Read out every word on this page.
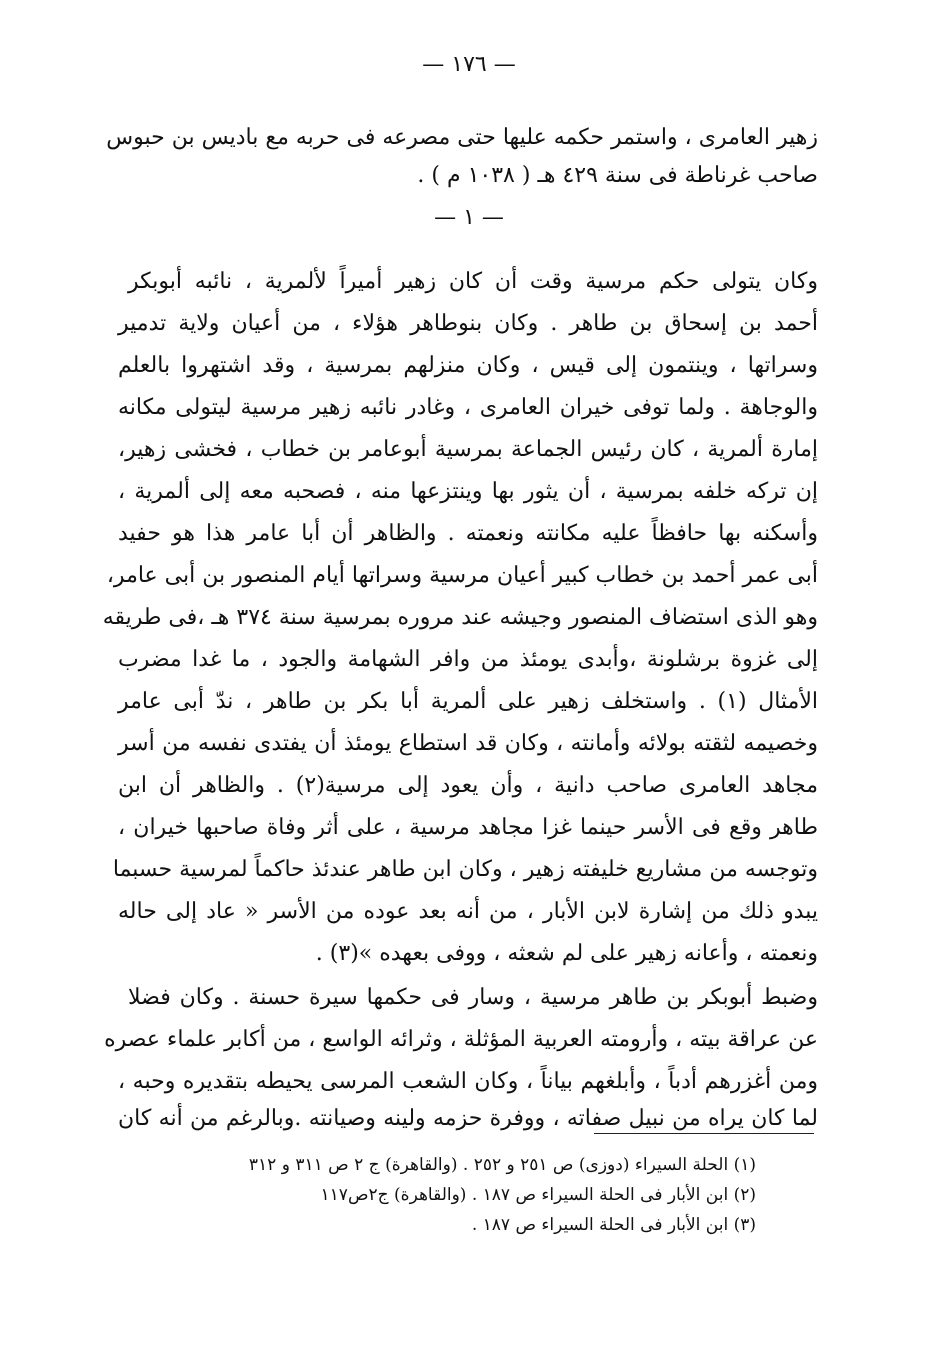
— ١٧٦ —
زهير العامرى ، واستمر حكمه عليها حتى مصرعه فى حربه مع باديس بن حبوس
صاحب غرناطة فى سنة ٤٢٩ هـ ( ١٠٣٨ م ) .
— ١ —
وكان يتولى حكم مرسية وقت أن كان زهير أميراً لألمرية ، نائبه أبوبكر
أحمد بن إسحاق بن طاهر . وكان بنوطاهر هؤلاء ، من أعيان ولاية تدمير
وسراتها ، وينتمون إلى قيس ، وكان منزلهم بمرسية ، وقد اشتهروا بالعلم
والوجاهة . ولما توفى خيران العامرى ، وغادر نائبه زهير مرسية ليتولى مكانه
إمارة ألمرية ، كان رئيس الجماعة بمرسية أبوعامر بن خطاب ، فخشى زهير،
إن تركه خلفه بمرسية ، أن يثور بها وينتزعها منه ، فصحبه معه إلى ألمرية ،
وأسكنه بها حافظاً عليه مكانته ونعمته . والظاهر أن أبا عامر هذا هو حفيد
أبى عمر أحمد بن خطاب كبير أعيان مرسية وسراتها أيام المنصور بن أبى عامر،
وهو الذى استضاف المنصور وجيشه عند مروره بمرسية سنة ٣٧٤ هـ ،فى طريقه
إلى غزوة برشلونة ،وأبدى يومئذ من وافر الشهامة والجود ، ما غدا مضرب
الأمثال (١) . واستخلف زهير على ألمرية أبا بكر بن طاهر ، ندّ أبى عامر
وخصيمه لثقته بولائه وأمانته ، وكان قد استطاع يومئذ أن يفتدى نفسه من أسر
مجاهد العامرى صاحب دانية ، وأن يعود إلى مرسية(٢) . والظاهر أن ابن
طاهر وقع فى الأسر حينما غزا مجاهد مرسية ، على أثر وفاة صاحبها خيران ،
وتوجسه من مشاريع خليفته زهير ، وكان ابن طاهر عندئذ حاكماً لمرسية حسبما
يبدو ذلك من إشارة لابن الأبار ، من أنه بعد عوده من الأسر « عاد إلى حاله
ونعمته ، وأعانه زهير على لم شعثه ، ووفى بعهده »(٣) .
وضبط أبوبكر بن طاهر مرسية ، وسار فى حكمها سيرة حسنة . وكان فضلا
عن عراقة بيته ، وأرومته العربية المؤثلة ، وثرائه الواسع ، من أكابر علماء عصره
ومن أغزرهم أدباً ، وأبلغهم بياناً ، وكان الشعب المرسى يحيطه بتقديره وحبه ،
لما كان يراه من نبيل صفاته ، ووفرة حزمه ولينه وصيانته .وبالرغم من أنه كان
(١) الحلة السيراء (دوزى) ص ٢٥١ و ٢٥٢ . (والقاهرة) ج ٢ ص ٣١١ و ٣١٢
(٢) ابن الأبار فى الحلة السيراء ص ١٨٧ . (والقاهرة) ج٢ص١١٧
(٣) ابن الأبار فى الحلة السيراء ص ١٨٧ .
